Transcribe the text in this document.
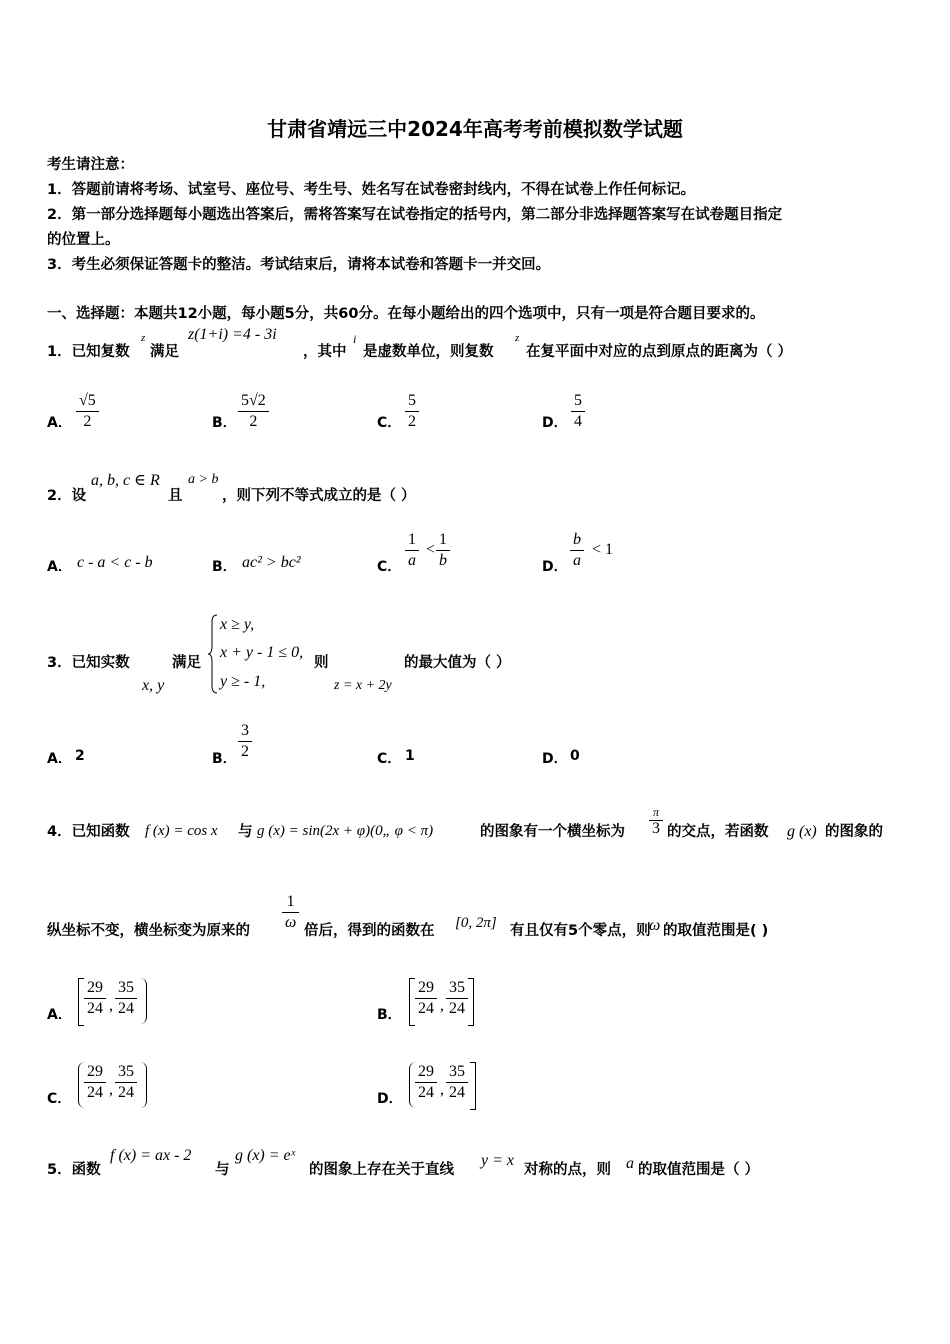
甘肃省靖远三中2024年高考考前模拟数学试题
考生请注意：
1．答题前请将考场、试室号、座位号、考生号、姓名写在试卷密封线内，不得在试卷上作任何标记。
2．第一部分选择题每小题选出答案后，需将答案写在试卷指定的括号内，第二部分非选择题答案写在试卷题目指定
的位置上。
3．考生必须保证答题卡的整洁。考试结束后，请将本试卷和答题卡一并交回。
一、选择题：本题共12小题，每小题5分，共60分。在每小题给出的四个选项中，只有一项是符合题目要求的。
1．已知复数
z
满足
z(1+i) =4 - 3i
，其中
i
是虚数单位，则复数
z
在复平面中对应的点到原点的距离为（ ）
A． $\frac{√5}{2}$	B． $\frac{5√2}{2}$	C． $\frac{5}{2}$	D． $\frac{5}{4}$
2．设
a, b, c ∈ R
且
a > b
，则下列不等式成立的是（ ）
A． c - a < c - b	B． ac² > bc²	C． $\frac{1}{a} < \frac{1}{b}$	D． $\frac{b}{a} < 1$
3．已知实数
x, y
满足
x ≥ y,
x + y - 1 ≤ 0,
y ≥ - 1,
则
z = x + 2y
的最大值为（ ）
A． 2	B． $\frac{3}{2}$	C． 1	D． 0
4．已知函数 f (x) = cos x 与 g (x) = sin(2x + φ)(0„ φ < π)	的图象有一个横坐标为
π
3 的交点，若函数 g (x) 的图象的
纵坐标不变，横坐标变为原来的 $\frac{1}{\omega}$ 倍后，得到的函数在 [0, 2π] 有且仅有5个零点，则
ω 的取值范围是( )
A． $\frac{29}{24}$ , $\frac{35}{24}$	B． $\frac{29}{24}$ , $\frac{35}{24}$
C． $\frac{29}{24}$ , $\frac{35}{24}$	D． $\frac{29}{24}$ , $\frac{35}{24}$
5．函数
f (x) = ax - 2
与
g (x) = eˣ
的图象上存在关于直线
y = x
对称的点，则 a 的取值范围是（ ）
